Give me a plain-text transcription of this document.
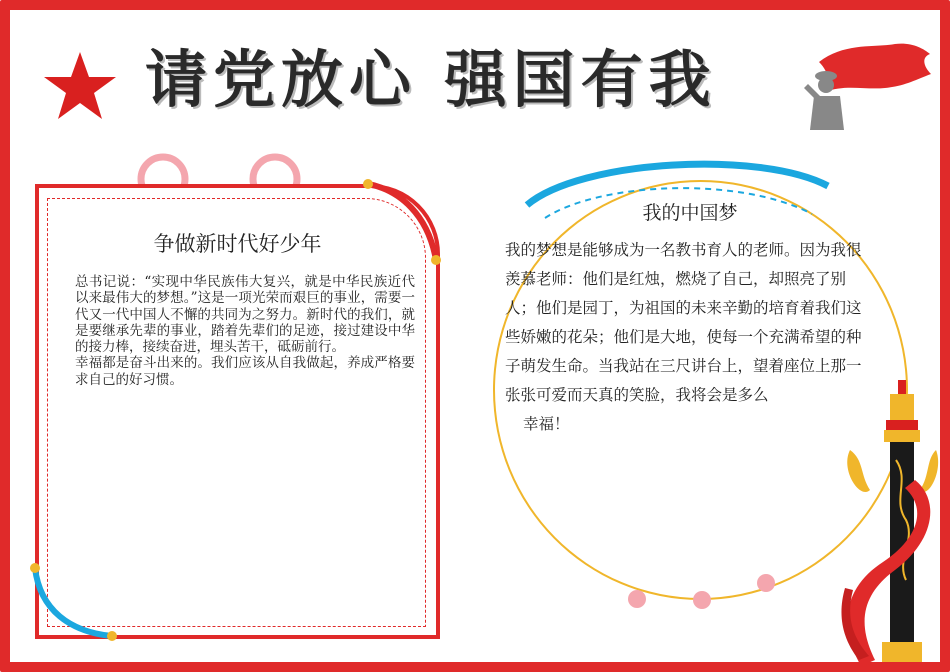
请党放心 强国有我
争做新时代好少年
总书记说：“实现中华民族伟大复兴，就是中华民族近代以来最伟大的梦想。”这是一项光荣而艰巨的事业，需要一代又一代中国人不懈的共同为之努力。新时代的我们，就是要继承先辈的事业，踏着先辈们的足迹，接过建设中华的接力棒，接续奋进，埋头苦干，砥砺前行。
幸福都是奋斗出来的。我们应该从自我做起，养成严格要求自己的好习惯。
我的中国梦

我的梦想是能够成为一名教书育人的老师。因为我很羡慕老师：他们是红烛，燃烧了自己，却照亮了别人；他们是园丁，为祖国的未来辛勤的培育着我们这些娇嫩的花朵；他们是大地，使每一个充满希望的种子萌发生命。当我站在三尺讲台上，望着座位上那一张张可爱而天真的笑脸，我将会是多么

幸福！
